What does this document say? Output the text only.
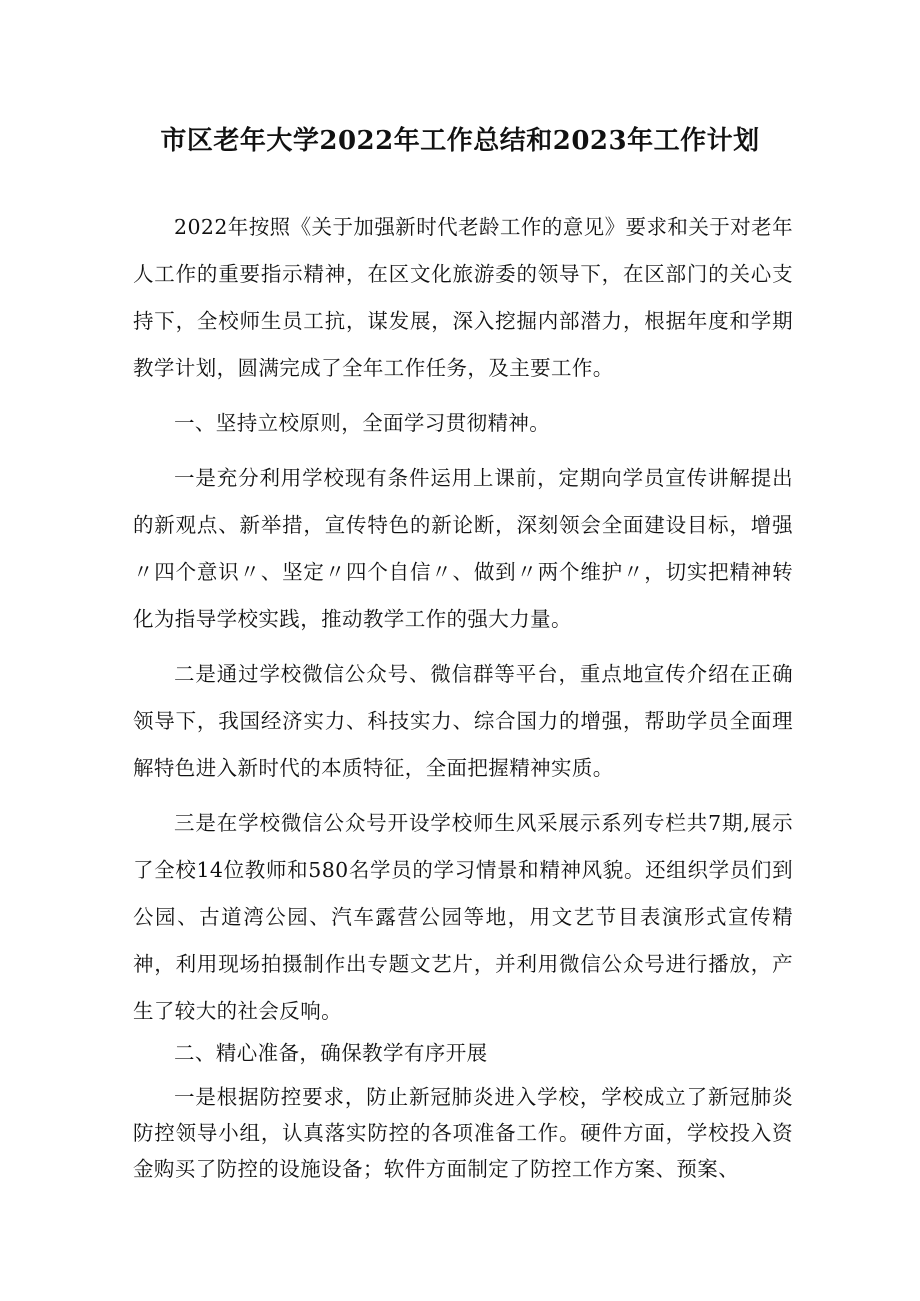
市区老年大学2022年工作总结和2023年工作计划

2022年按照《关于加强新时代老龄工作的意见》要求和关于对老年人工作的重要指示精神，在区文化旅游委的领导下，在区部门的关心支持下，全校师生员工抗，谋发展，深入挖掘内部潜力，根据年度和学期教学计划，圆满完成了全年工作任务，及主要工作。

一、坚持立校原则，全面学习贯彻精神。

一是充分利用学校现有条件运用上课前，定期向学员宣传讲解提出的新观点、新举措，宣传特色的新论断，深刻领会全面建设目标，增强〃四个意识〃、坚定〃四个自信〃、做到〃两个维护〃，切实把精神转化为指导学校实践，推动教学工作的强大力量。

二是通过学校微信公众号、微信群等平台，重点地宣传介绍在正确领导下，我国经济实力、科技实力、综合国力的增强，帮助学员全面理解特色进入新时代的本质特征，全面把握精神实质。

三是在学校微信公众号开设学校师生风采展示系列专栏共7期,展示了全校14位教师和580名学员的学习情景和精神风貌。还组织学员们到公园、古道湾公园、汽车露营公园等地，用文艺节目表演形式宣传精神，利用现场拍摄制作出专题文艺片，并利用微信公众号进行播放，产生了较大的社会反响。

二、精心准备，确保教学有序开展

一是根据防控要求，防止新冠肺炎进入学校，学校成立了新冠肺炎防控领导小组，认真落实防控的各项准备工作。硬件方面，学校投入资金购买了防控的设施设备；软件方面制定了防控工作方案、预案、
